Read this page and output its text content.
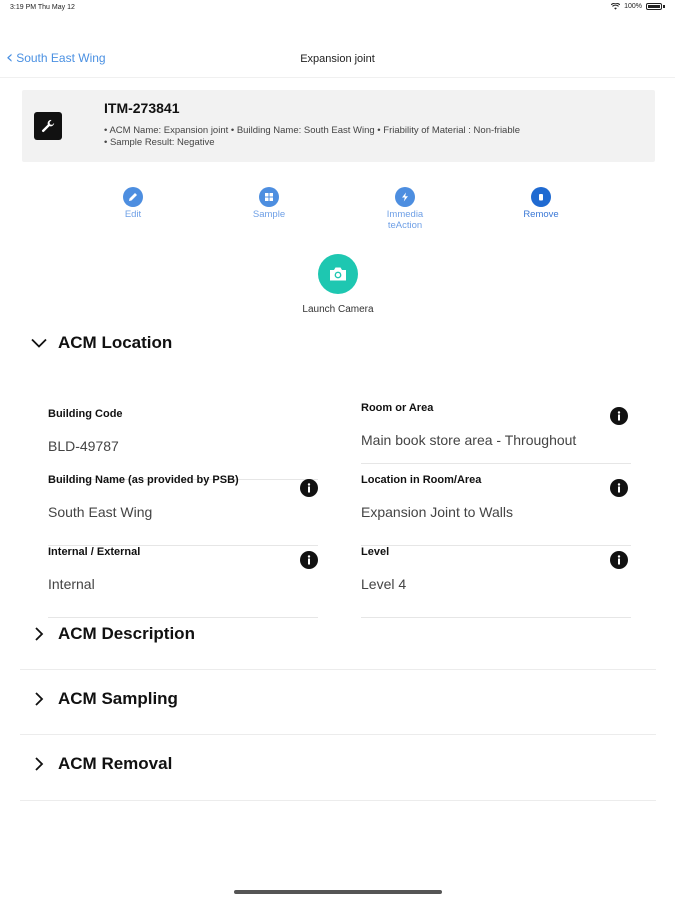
3:19 PM Thu May 12	100%
‹ South East Wing	Expansion joint
ITM-273841
• ACM Name: Expansion joint • Building Name: South East Wing • Friability of Material : Non-friable
• Sample Result: Negative
Edit	Sample	Immedia
teAction
Remove
Launch Camera
ACM Location
Building Code
BLD-49787
Building Name (as provided by PSB)
South East Wing
Internal / External
Internal
Room or Area
Main book store area - Throughout
Location in Room/Area
Expansion Joint to Walls
Level
Level 4
ACM Description
ACM Sampling
ACM Removal
